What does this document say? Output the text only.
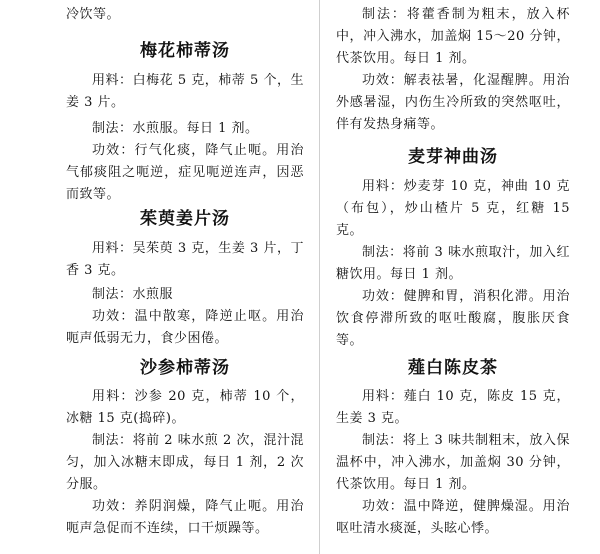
冷饮等。

梅花柿蒂汤

用料：白梅花 5 克，柿蒂 5 个，生姜 3 片。

制法：水煎服。每日 1 剂。

功效：行气化痰，降气止呃。用治气郁痰阻之呃逆，症见呃逆连声，因恶而致等。

茱萸姜片汤

用料：吴茱萸 3 克，生姜 3 片，丁香 3 克。

制法：水煎服

功效：温中散寒，降逆止呕。用治呃声低弱无力，食少困倦。

沙参柿蒂汤

用料：沙参 20 克，柿蒂 10 个，冰糖 15 克(捣碎)。

制法：将前 2 味水煎 2 次，混汁混匀，加入冰糖末即成，每日 1 剂，2 次分服。

功效：养阴润燥，降气止呃。用治呃声急促而不连续，口干烦躁等。

制法：将藿香制为粗末，放入杯中，冲入沸水，加盖焖 15～20 分钟，代茶饮用。每日 1 剂。

功效：解表祛暑，化湿醒脾。用治外感暑湿，内伤生冷所致的突然呕吐，伴有发热身痛等。

麦芽神曲汤

用料：炒麦芽 10 克，神曲 10 克（布包），炒山楂片 5 克，红糖 15 克。

制法：将前 3 味水煎取汁，加入红糖饮用。每日 1 剂。

功效：健脾和胃，消积化滞。用治饮食停滞所致的呕吐酸腐，腹胀厌食等。

薤白陈皮茶

用料：薤白 10 克，陈皮 15 克，生姜 3 克。

制法：将上 3 味共制粗末，放入保温杯中，冲入沸水，加盖焖 30 分钟，代茶饮用。每日 1 剂。

功效：温中降逆，健脾燥湿。用治呕吐清水痰涎，头眩心悸。
